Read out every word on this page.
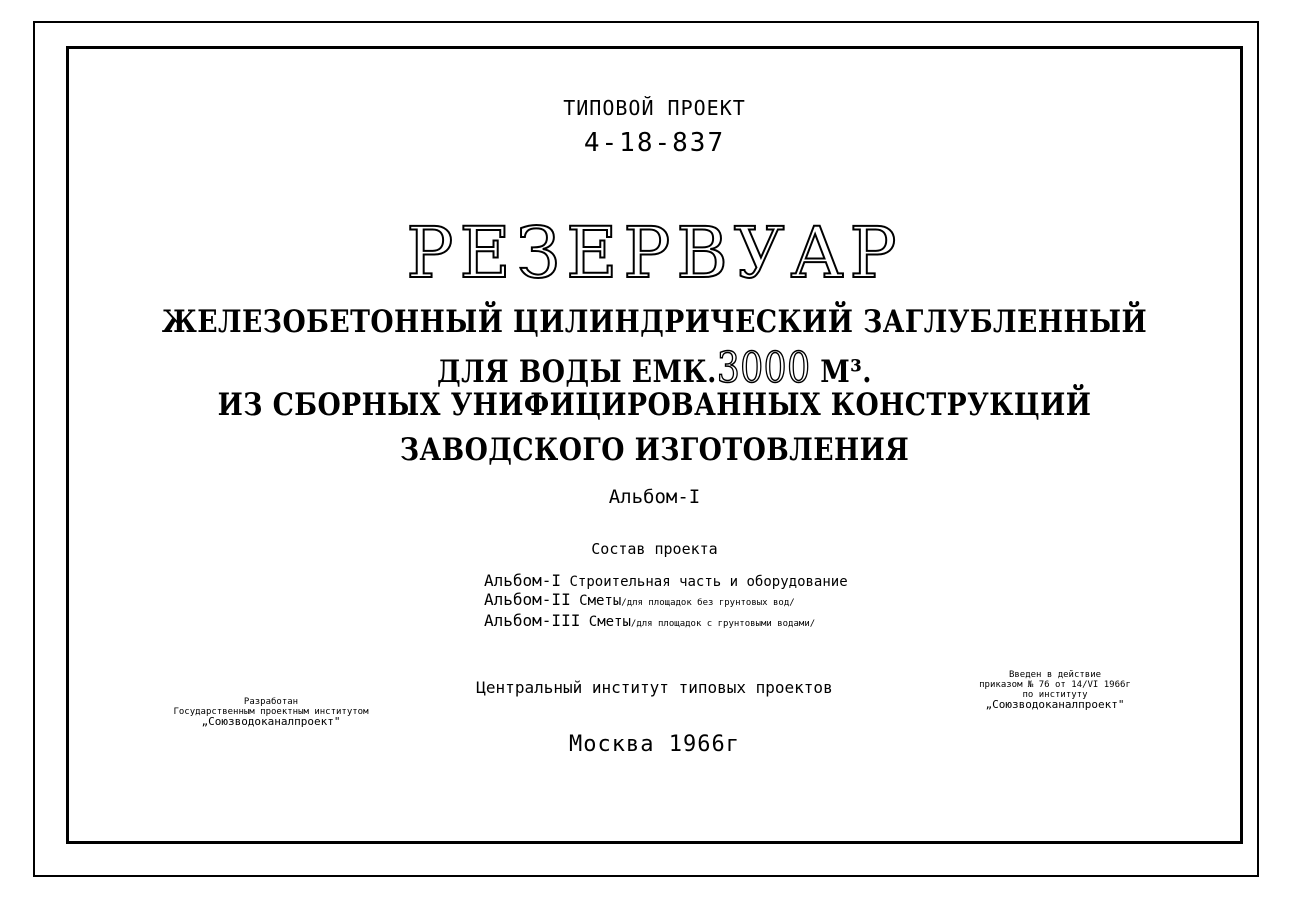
ТИПОВОЙ ПРОЕКТ
4-18-837
РЕЗЕРВУАР
ЖЕЛЕЗОБЕТОННЫЙ ЦИЛИНДРИЧЕСКИЙ ЗАГЛУБЛЕННЫЙ
ДЛЯ ВОДЫ ЕМК.3000 М³.
ИЗ СБОРНЫХ УНИФИЦИРОВАННЫХ КОНСТРУКЦИЙ
ЗАВОДСКОГО ИЗГОТОВЛЕНИЯ
Альбом-I
Состав проекта
Альбом-I Строительная часть и оборудование
Альбом-II Сметы/для площадок без грунтовых вод/
Альбом-III Сметы/для площадок с грунтовыми водами/
Центральный институт типовых проектов
Москва 1966г
Разработан
Государственным проектным институтом
„Союзводоканалпроект"
Введен в действие
приказом № 76 от 14/VI 1966г
по институту
„Союзводоканалпроект"
